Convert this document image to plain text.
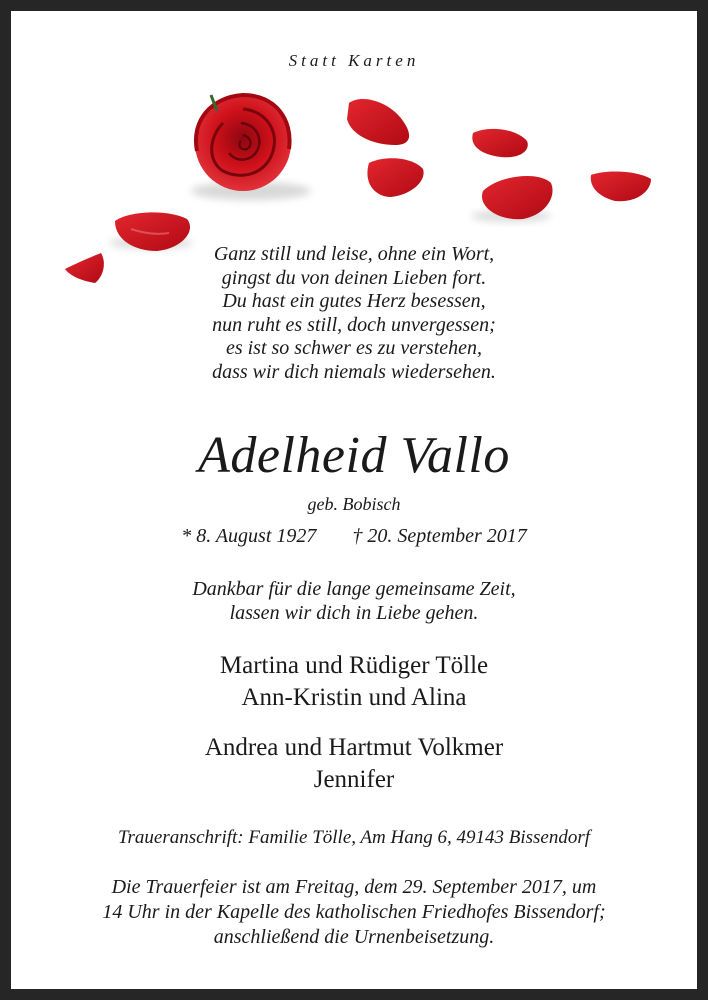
Statt Karten
Ganz still und leise, ohne ein Wort,
gingst du von deinen Lieben fort.
Du hast ein gutes Herz besessen,
nun ruht es still, doch unvergessen;
es ist so schwer es zu verstehen,
dass wir dich niemals wiedersehen.
Adelheid Vallo
geb. Bobisch
* 8. August 1927 † 20. September 2017
Dankbar für die lange gemeinsame Zeit,
lassen wir dich in Liebe gehen.
Martina und Rüdiger Tölle
Ann-Kristin und Alina
Andrea und Hartmut Volkmer
Jennifer
Traueranschrift: Familie Tölle, Am Hang 6, 49143 Bissendorf
Die Trauerfeier ist am Freitag, dem 29. September 2017, um
14 Uhr in der Kapelle des katholischen Friedhofes Bissendorf;
anschließend die Urnenbeisetzung.
